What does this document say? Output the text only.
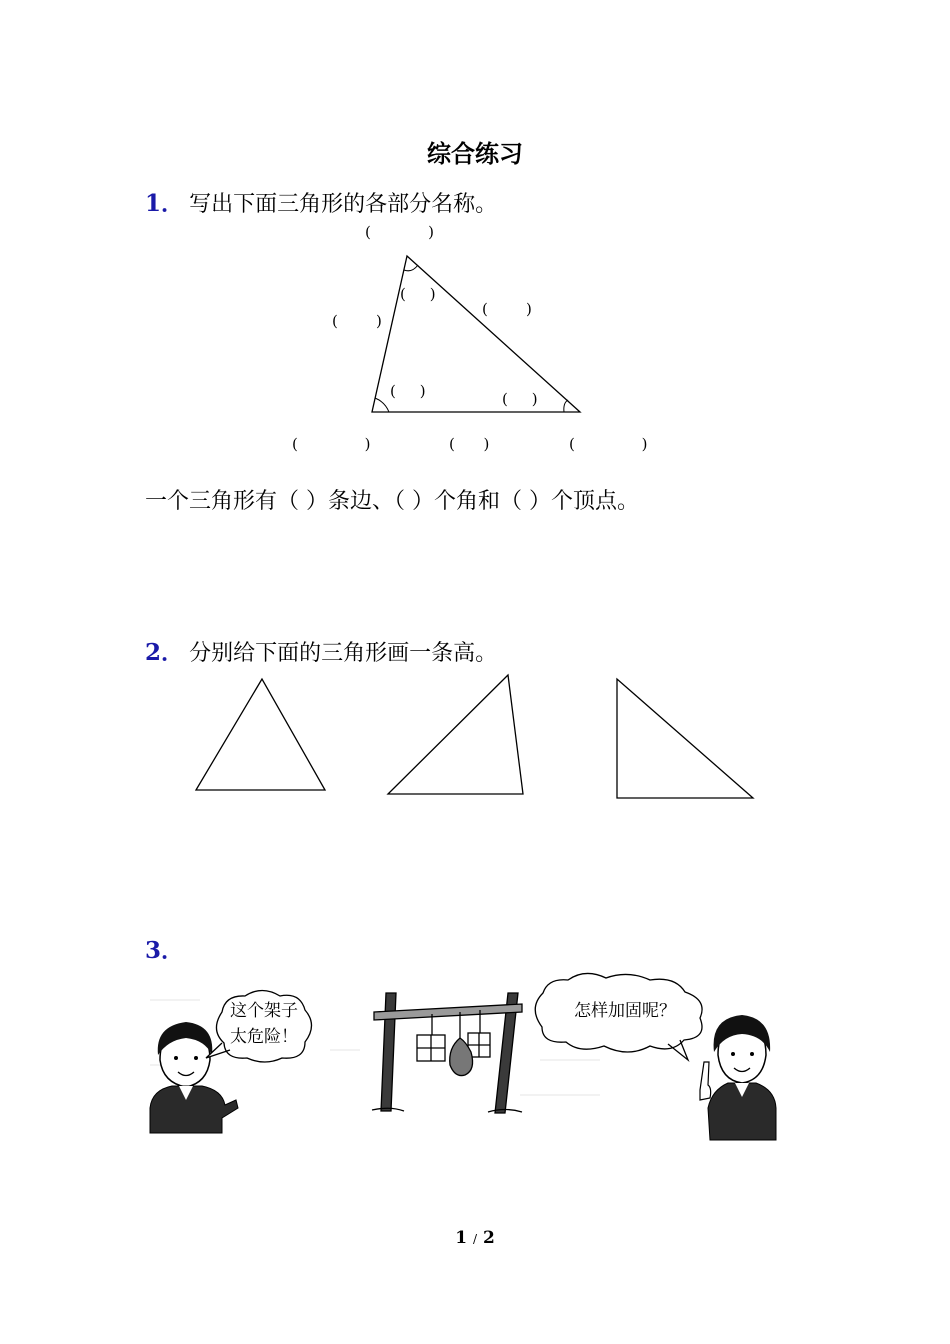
综合练习
1． 写出下面三角形的各部分名称。
(            )
(     )
(        )
(        )
(     )	(     )
(              )	(      )	(              )
一个三角形有（ ）条边、（ ）个角和（ ）个顶点。
2． 分别给下面的三角形画一条高。
3．
这个架子
太危险！
怎样加固呢？
1 / 2
